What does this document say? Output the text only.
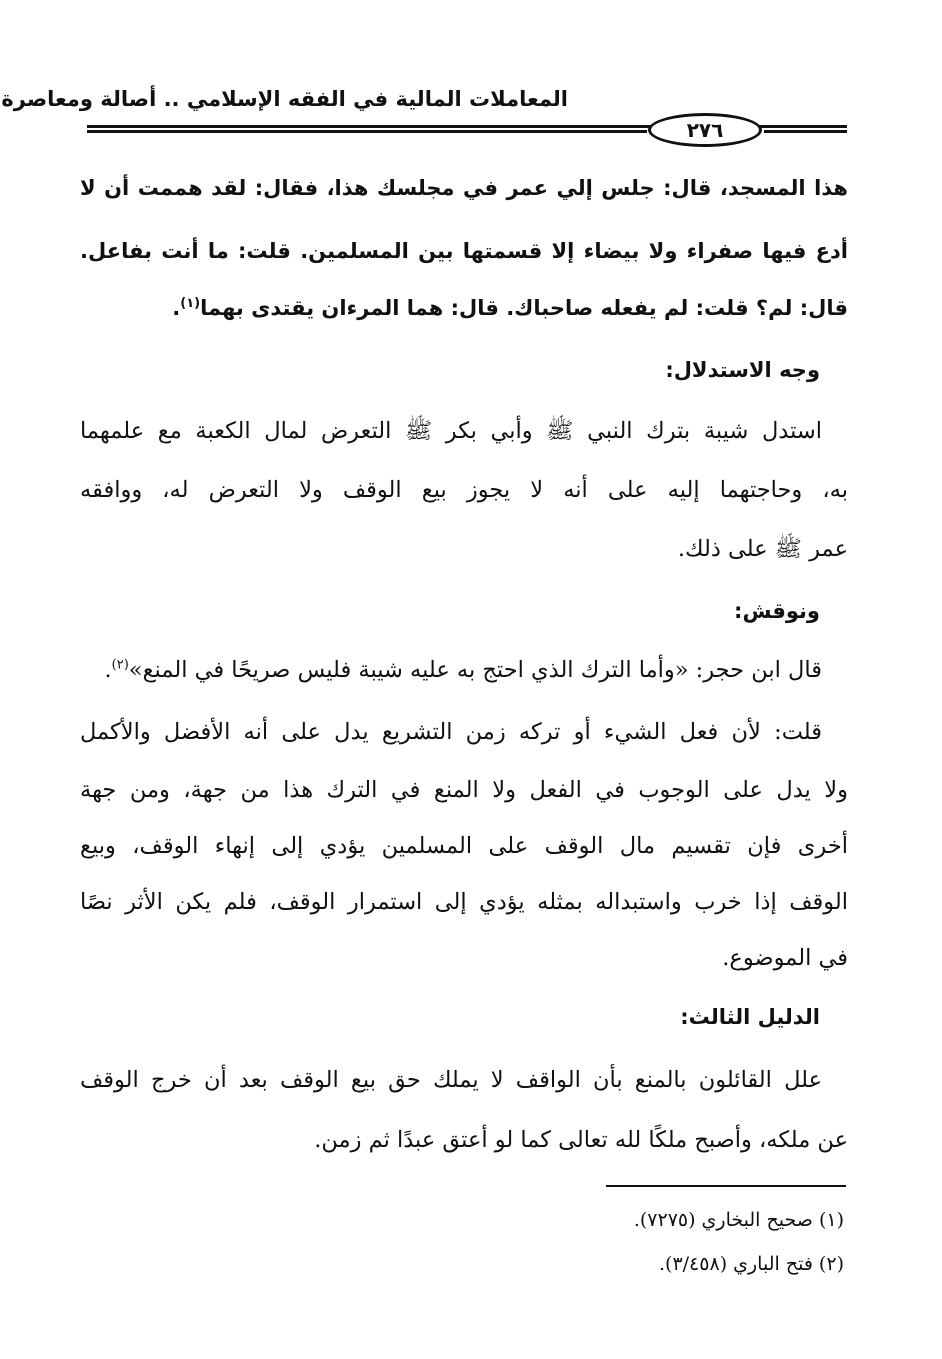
المعاملات المالية في الفقه الإسلامي .. أصالة ومعاصرة
٢٧٦
هذا المسجد، قال: جلس إلي عمر في مجلسك هذا، فقال: لقد هممت أن لا
أدع فيها صفراء ولا بيضاء إلا قسمتها بين المسلمين. قلت: ما أنت بفاعل.
قال: لم؟ قلت: لم يفعله صاحباك. قال: هما المرءان يقتدى بهما$^{(١)}$.
وجه الاستدلال:
استدل شيبة بترك النبي ﷺ وأبي بكر ﷺ التعرض لمال الكعبة مع علمهما
به، وحاجتهما إليه على أنه لا يجوز بيع الوقف ولا التعرض له، ووافقه
عمر ﷺ على ذلك.
ونوقش:
قال ابن حجر: «وأما الترك الذي احتج به عليه شيبة فليس صريحًا في المنع»$^{(٢)}$.
قلت: لأن فعل الشيء أو تركه زمن التشريع يدل على أنه الأفضل والأكمل
ولا يدل على الوجوب في الفعل ولا المنع في الترك هذا من جهة، ومن جهة
أخرى فإن تقسيم مال الوقف على المسلمين يؤدي إلى إنهاء الوقف، وبيع
الوقف إذا خرب واستبداله بمثله يؤدي إلى استمرار الوقف، فلم يكن الأثر نصًا
في الموضوع.
الدليل الثالث:
علل القائلون بالمنع بأن الواقف لا يملك حق بيع الوقف بعد أن خرج الوقف
عن ملكه، وأصبح ملكًا لله تعالى كما لو أعتق عبدًا ثم زمن.
(١) صحيح البخاري (٧٢٧٥).
(٢) فتح الباري (٣/٤٥٨).
